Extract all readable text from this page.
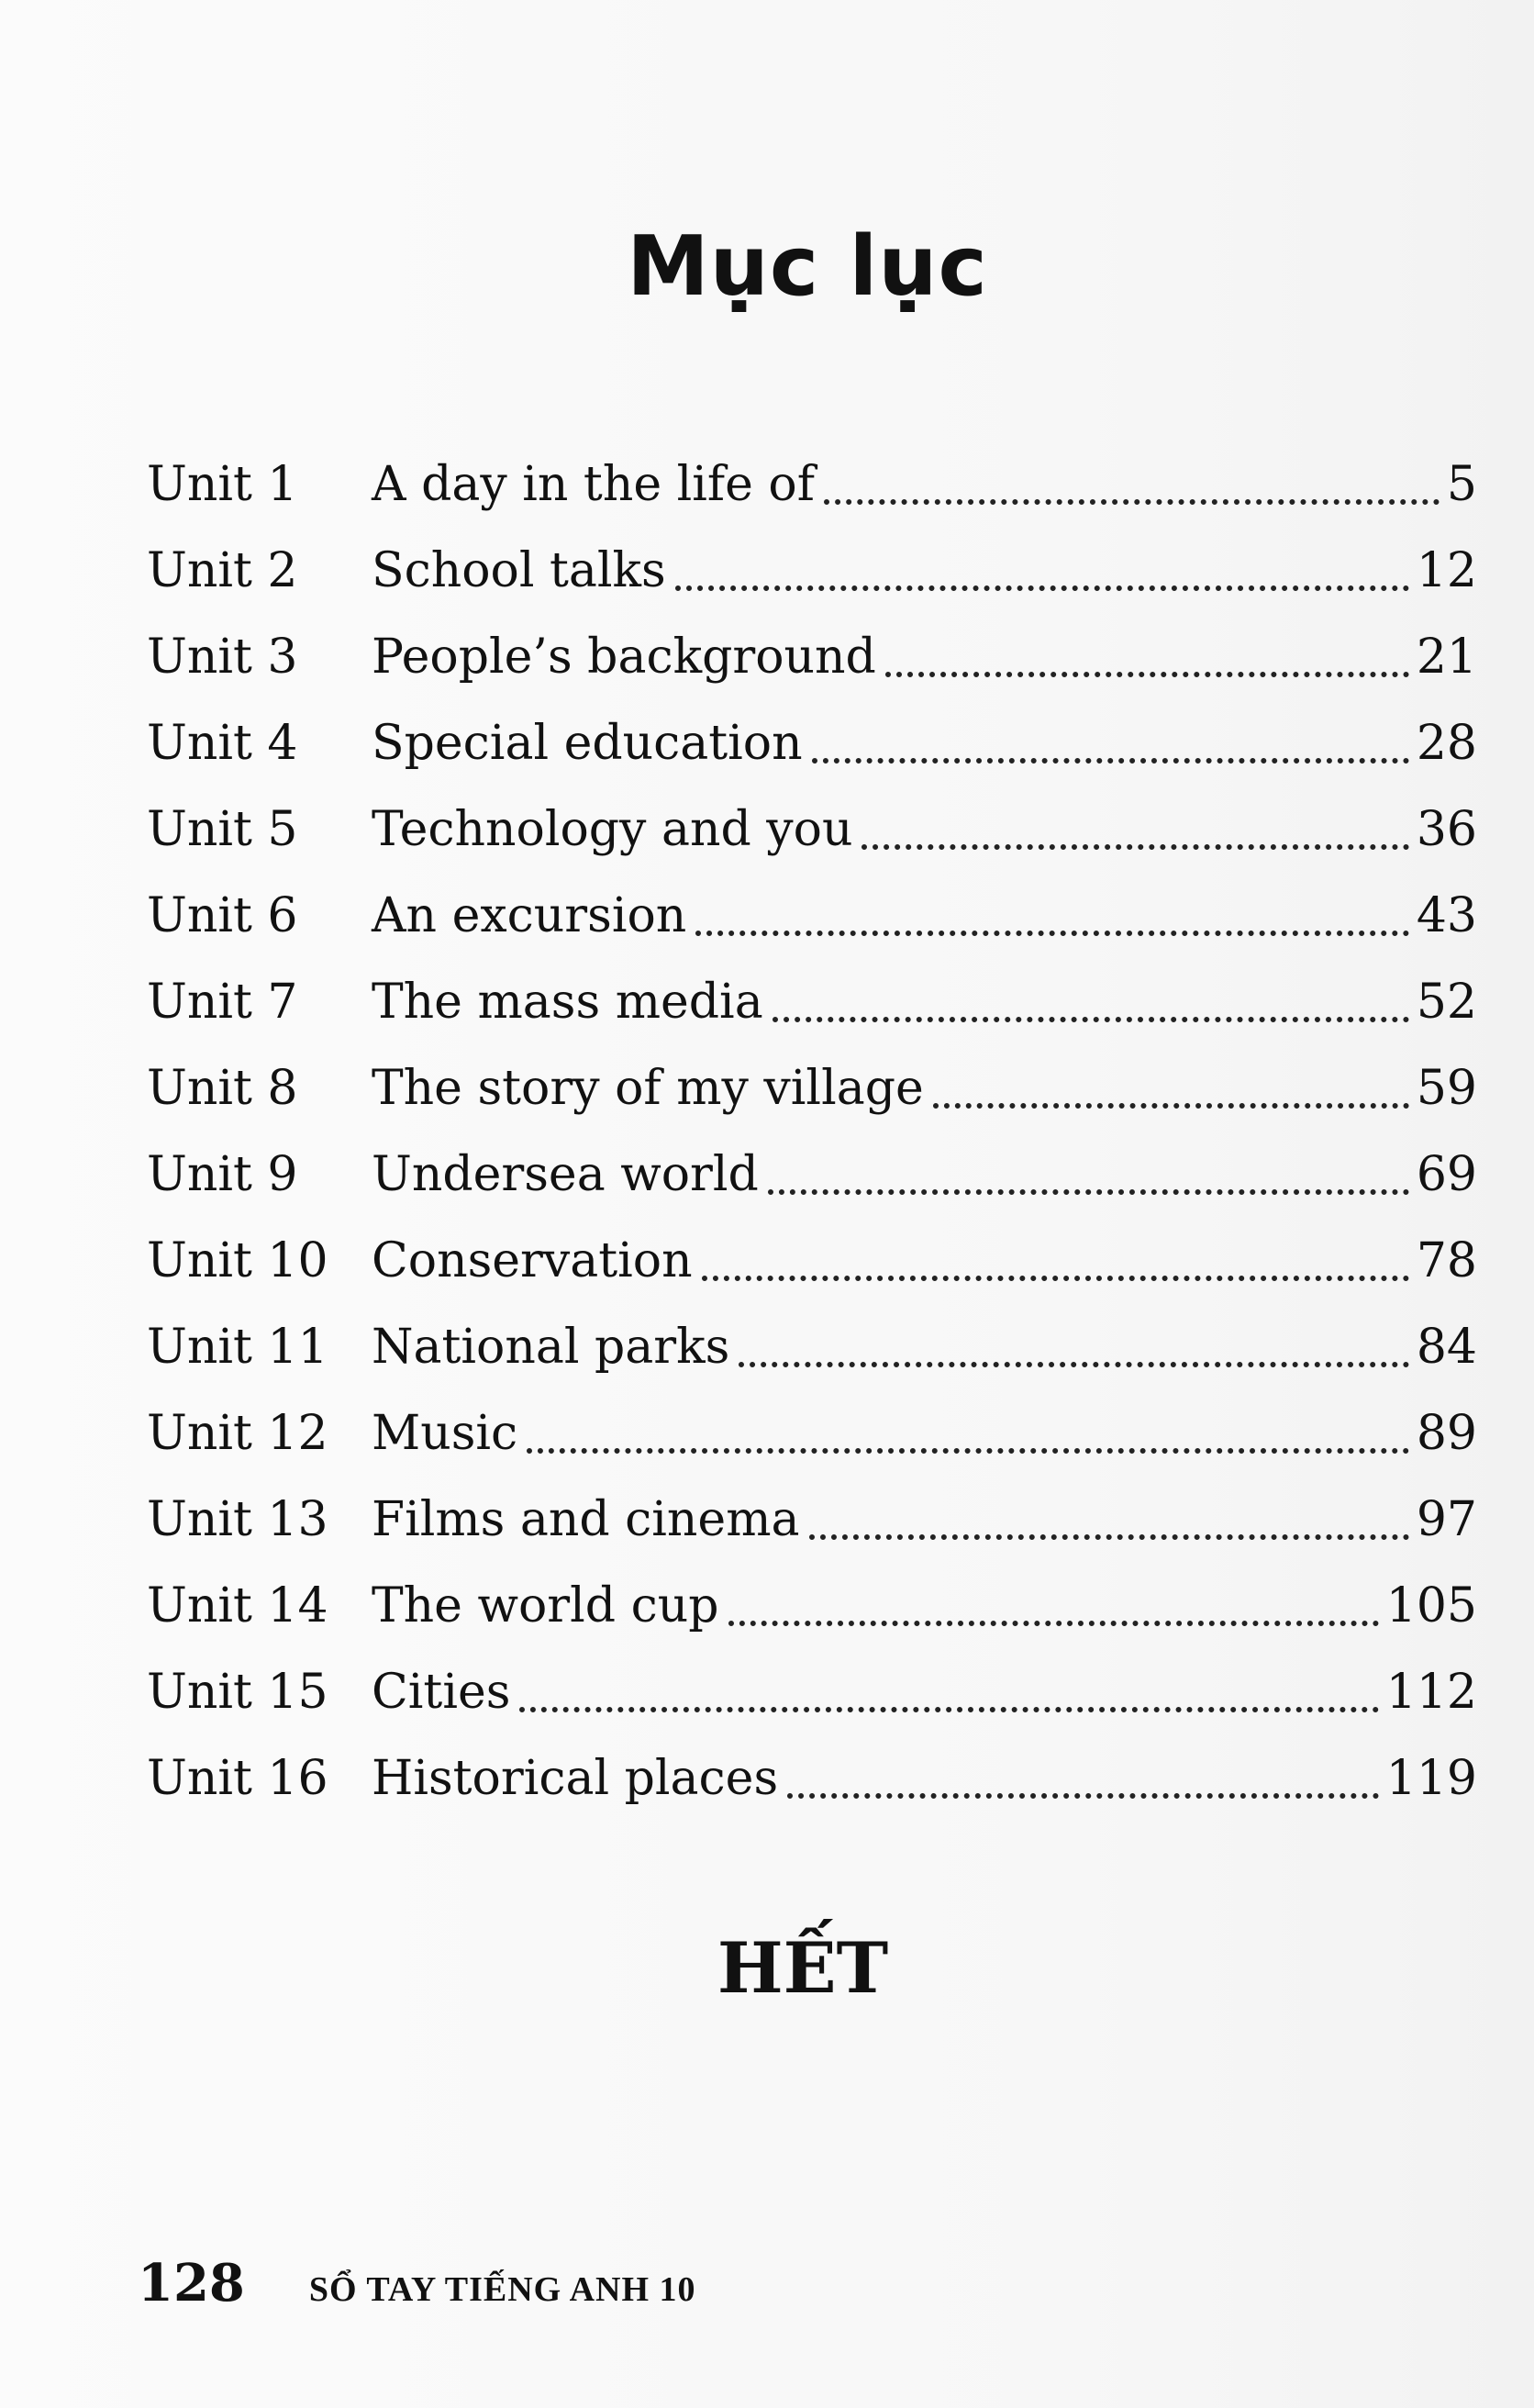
Mục lục
Unit 1	A day in the life of	5
Unit 2	School talks	12
Unit 3	People’s background	21
Unit 4	Special education	28
Unit 5	Technology and you	36
Unit 6	An excursion	43
Unit 7	The mass media	52
Unit 8	The story of my village	59
Unit 9	Undersea world	69
Unit 10 Conservation	78
Unit 11 National parks	84
Unit 12 Music	89
Unit 13 Films and cinema	97
Unit 14 The world cup	105
Unit 15 Cities	112
Unit 16 Historical places	119
HẾT
128 SỔ TAY TIẾNG ANH 10
